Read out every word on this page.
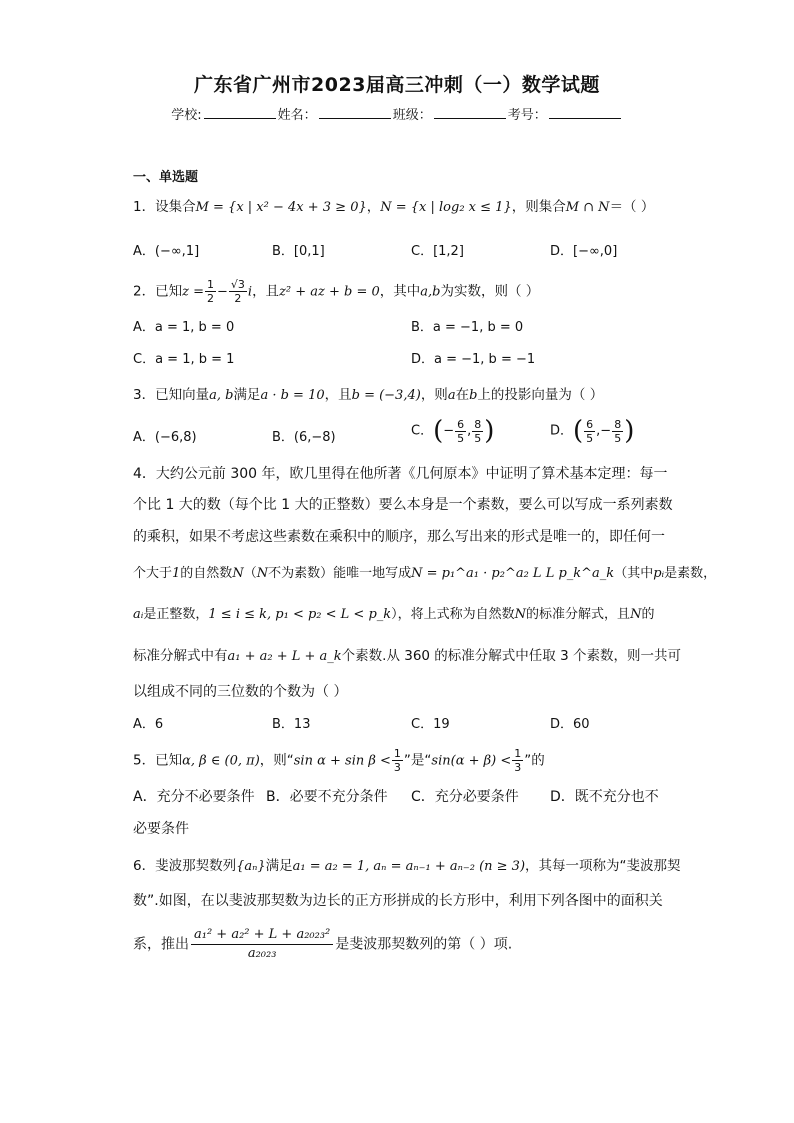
广东省广州市2023届高三冲刺（一）数学试题
学校:	姓名：	班级：	考号：
一、单选题
1．设集合M = {x | x² − 4x + 3 ≥ 0}，N = {x | log₂ x ≤ 1}，则集合M ∩ N＝（ ）
A．(−∞,1]	B．[0,1]	C．[1,2]	D．[−∞,0]
2．已知$z = \frac{1}{2} - \frac{√3}{2}$ i，且z² + az + b = 0，其中a,b为实数，则（ ）
A．a = 1, b = 0	B．a = −1, b = 0
C．a = 1, b = 1	D．a = −1, b = −1
3．已知向量a, b满足a · b = 10，且b = (−3,4)，则a在b上的投影向量为（ ）
A．(−6,8)	B．(6,−8)	C．(− $\frac{6}{5}$ , $\frac{8}{5}$ )	D．( $\frac{6}{5}$ ,− $\frac{8}{5}$ )
4．大约公元前 300 年，欧几里得在他所著《几何原本》中证明了算术基本定理：每一
个比 1 大的数（每个比 1 大的正整数）要么本身是一个素数，要么可以写成一系列素数
的乘积，如果不考虑这些素数在乘积中的顺序，那么写出来的形式是唯一的，即任何一
个大于1的自然数N（N不为素数）能唯一地写成N = p₁^a₁ · p₂^a₂ L L p_k^a_k（其中pᵢ是素数，
aᵢ是正整数，1 ≤ i ≤ k, p₁ < p₂ < L < p_k），将上式称为自然数N的标准分解式，且N的
标准分解式中有a₁ + a₂ + L + a_k个素数.从 360 的标准分解式中任取 3 个素数，则一共可
以组成不同的三位数的个数为（ ）
A．6	B．13	C．19	D．60
5．已知α, β ∈ (0, π)，则“sin $\alpha + \sin \beta < \frac{1}{3}$ ”是“$\sin(\alpha + \beta) < \frac{1}{3}$ ”的
A．充分不必要条件 B．必要不充分条件 C．充分必要条件 D．既不充分也不
必要条件
6．斐波那契数列{aₙ}满足a₁ = a₂ = 1, aₙ = aₙ₋₁ + aₙ₋₂ (n ≥ 3)，其每一项称为“斐波那契
数”.如图，在以斐波那契数为边长的正方形拼成的长方形中，利用下列各图中的面积关
系，推出 $\frac{\text{a₁² + a₂² + L + a₂₀₂₃²}}{\text{a₂₀₂₃}}$ 是斐波那契数列的第（ ）项.
